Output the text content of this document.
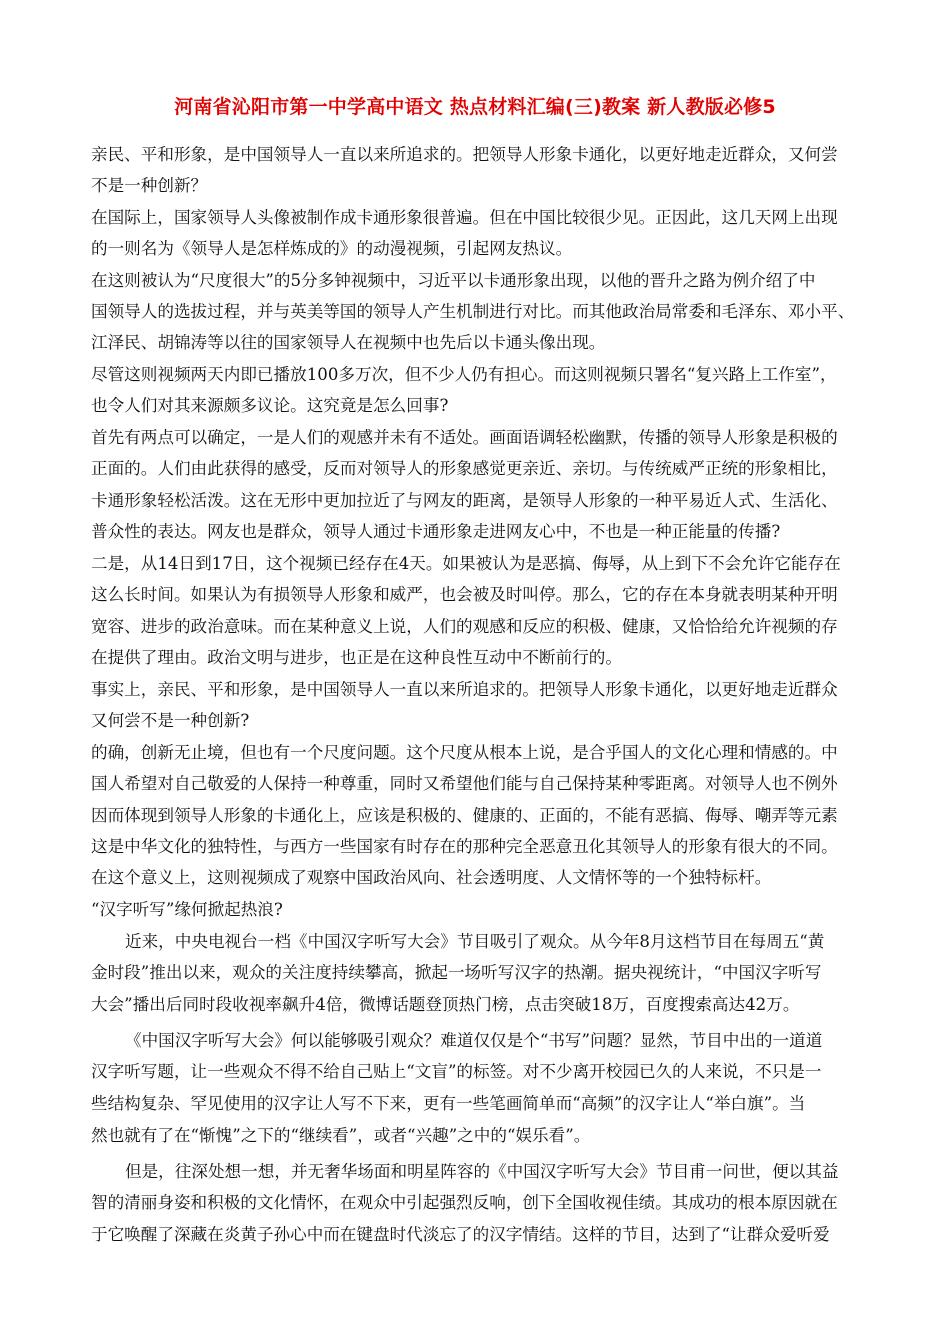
河南省沁阳市第一中学高中语文 热点材料汇编(三)教案 新人教版必修5
亲民、平和形象，是中国领导人一直以来所追求的。把领导人形象卡通化，以更好地走近群众，又何尝
不是一种创新？
在国际上，国家领导人头像被制作成卡通形象很普遍。但在中国比较很少见。正因此，这几天网上出现
的一则名为《领导人是怎样炼成的》的动漫视频，引起网友热议。
在这则被认为“尺度很大”的5分多钟视频中，习近平以卡通形象出现，以他的晋升之路为例介绍了中
国领导人的选拔过程，并与英美等国的领导人产生机制进行对比。而其他政治局常委和毛泽东、邓小平、
江泽民、胡锦涛等以往的国家领导人在视频中也先后以卡通头像出现。
尽管这则视频两天内即已播放100多万次，但不少人仍有担心。而这则视频只署名“复兴路上工作室”，
也令人们对其来源颇多议论。这究竟是怎么回事?
首先有两点可以确定，一是人们的观感并未有不适处。画面语调轻松幽默，传播的领导人形象是积极的
正面的。人们由此获得的感受，反而对领导人的形象感觉更亲近、亲切。与传统威严正统的形象相比，
卡通形象轻松活泼。这在无形中更加拉近了与网友的距离，是领导人形象的一种平易近人式、生活化、
普众性的表达。网友也是群众，领导人通过卡通形象走进网友心中，不也是一种正能量的传播?
二是，从14日到17日，这个视频已经存在4天。如果被认为是恶搞、侮辱，从上到下不会允许它能存在
这么长时间。如果认为有损领导人形象和威严，也会被及时叫停。那么，它的存在本身就表明某种开明
宽容、进步的政治意味。而在某种意义上说，人们的观感和反应的积极、健康，又恰恰给允许视频的存
在提供了理由。政治文明与进步，也正是在这种良性互动中不断前行的。
事实上，亲民、平和形象，是中国领导人一直以来所追求的。把领导人形象卡通化，以更好地走近群众
又何尝不是一种创新?
的确，创新无止境，但也有一个尺度问题。这个尺度从根本上说，是合乎国人的文化心理和情感的。中
国人希望对自己敬爱的人保持一种尊重，同时又希望他们能与自己保持某种零距离。对领导人也不例外
因而体现到领导人形象的卡通化上，应该是积极的、健康的、正面的，不能有恶搞、侮辱、嘲弄等元素
这是中华文化的独特性，与西方一些国家有时存在的那种完全恶意丑化其领导人的形象有很大的不同。
在这个意义上，这则视频成了观察中国政治风向、社会透明度、人文情怀等的一个独特标杆。
“汉字听写”缘何掀起热浪?
近来，中央电视台一档《中国汉字听写大会》节目吸引了观众。从今年8月这档节目在每周五“黄
金时段”推出以来，观众的关注度持续攀高，掀起一场听写汉字的热潮。据央视统计，“中国汉字听写
大会”播出后同时段收视率飙升4倍，微博话题登顶热门榜，点击突破18万，百度搜索高达42万。
《中国汉字听写大会》何以能够吸引观众？难道仅仅是个“书写”问题？显然，节目中出的一道道
汉字听写题，让一些观众不得不给自己贴上“文盲”的标签。对不少离开校园已久的人来说，不只是一
些结构复杂、罕见使用的汉字让人写不下来，更有一些笔画简单而“高频”的汉字让人“举白旗”。当
然也就有了在“惭愧”之下的“继续看”，或者“兴趣”之中的“娱乐看”。
但是，往深处想一想，并无奢华场面和明星阵容的《中国汉字听写大会》节目甫一问世，便以其益
智的清丽身姿和积极的文化情怀，在观众中引起强烈反响，创下全国收视佳绩。其成功的根本原因就在
于它唤醒了深藏在炎黄子孙心中而在键盘时代淡忘了的汉字情结。这样的节目，达到了“让群众爱听爱
